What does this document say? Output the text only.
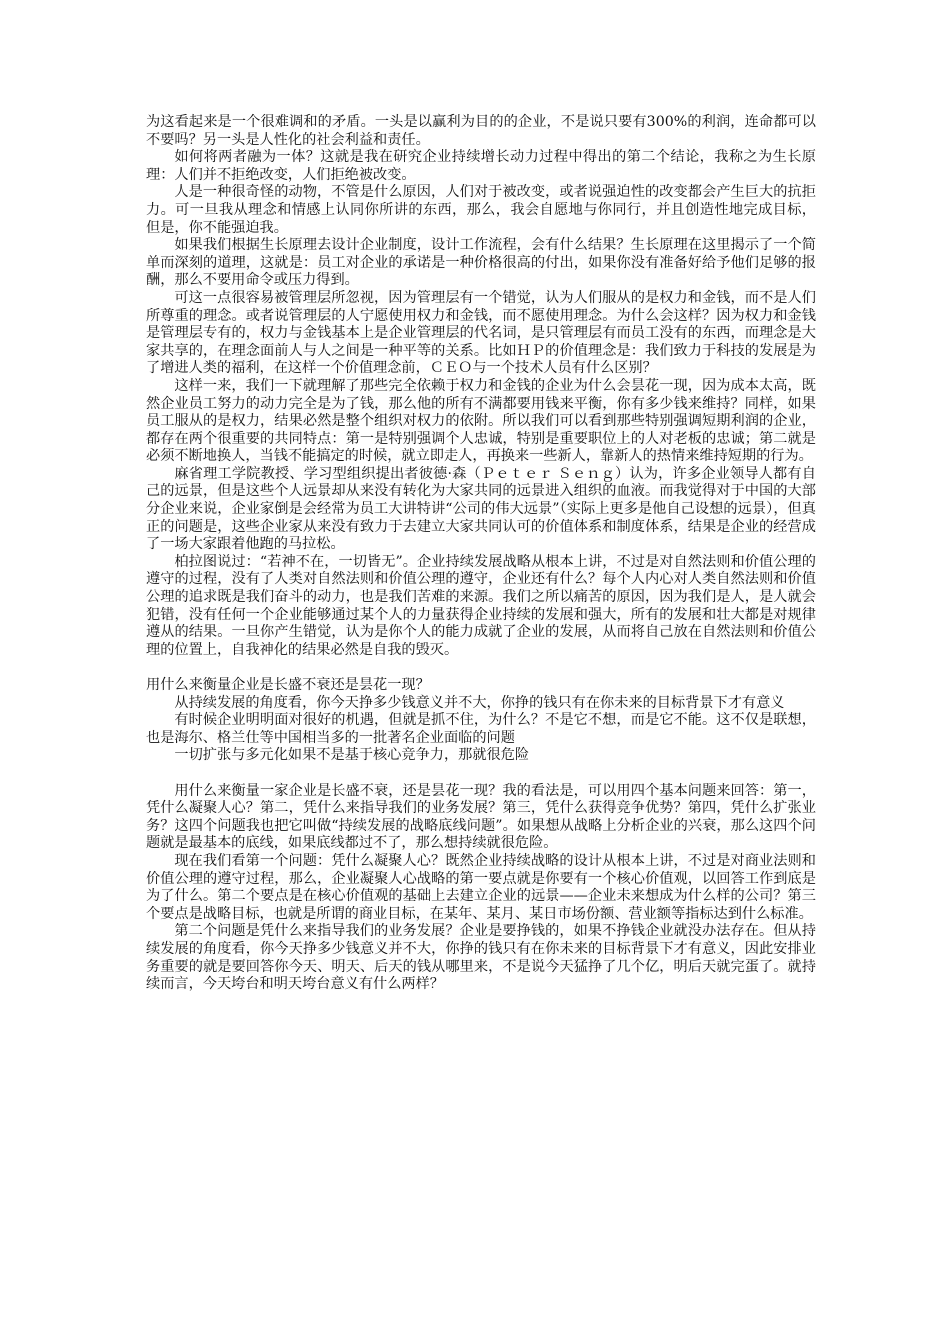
为这看起来是一个很难调和的矛盾。一头是以赢利为目的的企业，不是说只要有300%的利润，连命都可以不要吗？另一头是人性化的社会利益和责任。

如何将两者融为一体？这就是我在研究企业持续增长动力过程中得出的第二个结论，我称之为生长原理：人们并不拒绝改变，人们拒绝被改变。

人是一种很奇怪的动物，不管是什么原因，人们对于被改变，或者说强迫性的改变都会产生巨大的抗拒力。可一旦我从理念和情感上认同你所讲的东西，那么，我会自愿地与你同行，并且创造性地完成目标， 但是，你不能强迫我。

如果我们根据生长原理去设计企业制度，设计工作流程，会有什么结果？生长原理在这里揭示了一个简单而深刻的道理，这就是：员工对企业的承诺是一种价格很高的付出，如果你没有准备好给予他们足够的报酬，那么不要用命令或压力得到。

可这一点很容易被管理层所忽视，因为管理层有一个错觉，认为人们服从的是权力和金钱，而不是人们所尊重的理念。或者说管理层的人宁愿使用权力和金钱，而不愿使用理念。为什么会这样？因为权力和金钱是管理层专有的，权力与金钱基本上是企业管理层的代名词，是只管理层有而员工没有的东西，而理念是大家共享的，在理念面前人与人之间是一种平等的关系。比如ＨＰ的价值理念是：我们致力于科技的发展是为了增进人类的福利，在这样一个价值理念前，ＣＥＯ与一个技术人员有什么区别？

这样一来，我们一下就理解了那些完全依赖于权力和金钱的企业为什么会昙花一现，因为成本太高，既然企业员工努力的动力完全是为了钱，那么他的所有不满都要用钱来平衡，你有多少钱来维持？同样，如果员工服从的是权力，结果必然是整个组织对权力的依附。所以我们可以看到那些特别强调短期利润的企业，都存在两个很重要的共同特点：第一是特别强调个人忠诚，特别是重要职位上的人对老板的忠诚；第二就是必须不断地换人，当钱不能搞定的时候，就立即走人，再换来一些新人，靠新人的热情来维持短期的行为。

麻省理工学院教授、学习型组织提出者彼德·森（Ｐｅｔｅｒ Ｓｅｎｇ）认为，许多企业领导人都有自己的远景，但是这些个人远景却从来没有转化为大家共同的远景进入组织的血液。而我觉得对于中国的大部分企业来说，企业家倒是会经常为员工大讲特讲“公司的伟大远景”（实际上更多是他自己设想的远景），但真正的问题是，这些企业家从来没有致力于去建立大家共同认可的价值体系和制度体系，结果是企业的经营成了一场大家跟着他跑的马拉松。

柏拉图说过：“若神不在，一切皆无”。企业持续发展战略从根本上讲，不过是对自然法则和价值公理的遵守的过程，没有了人类对自然法则和价值公理的遵守，企业还有什么？每个人内心对人类自然法则和价值公理的追求既是我们奋斗的动力，也是我们苦难的来源。我们之所以痛苦的原因，因为我们是人，是人就会犯错，没有任何一个企业能够通过某个人的力量获得企业持续的发展和强大，所有的发展和壮大都是对规律遵从的结果。一旦你产生错觉，认为是你个人的能力成就了企业的发展，从而将自己放在自然法则和价值公理的位置上，自我神化的结果必然是自我的毁灭。

用什么来衡量企业是长盛不衰还是昙花一现？

从持续发展的角度看，你今天挣多少钱意义并不大，你挣的钱只有在你未来的目标背景下才有意义

有时候企业明明面对很好的机遇，但就是抓不住，为什么？不是它不想，而是它不能。这不仅是联想，也是海尔、格兰仕等中国相当多的一批著名企业面临的问题

一切扩张与多元化如果不是基于核心竞争力，那就很危险

用什么来衡量一家企业是长盛不衰，还是昙花一现？我的看法是，可以用四个基本问题来回答：第一，凭什么凝聚人心？第二，凭什么来指导我们的业务发展？第三，凭什么获得竞争优势？第四，凭什么扩张业务？这四个问题我也把它叫做“持续发展的战略底线问题”。如果想从战略上分析企业的兴衰，那么这四个问题就是最基本的底线，如果底线都过不了，那么想持续就很危险。

现在我们看第一个问题：凭什么凝聚人心？既然企业持续战略的设计从根本上讲，不过是对商业法则和价值公理的遵守过程，那么，企业凝聚人心战略的第一要点就是你要有一个核心价值观，以回答工作到底是为了什么。第二个要点是在核心价值观的基础上去建立企业的远景——企业未来想成为什么样的公司？第三个要点是战略目标，也就是所谓的商业目标，在某年、某月、某日市场份额、营业额等指标达到什么标准。

第二个问题是凭什么来指导我们的业务发展？企业是要挣钱的，如果不挣钱企业就没办法存在。但从持续发展的角度看，你今天挣多少钱意义并不大，你挣的钱只有在你未来的目标背景下才有意义，因此安排业务重要的就是要回答你今天、明天、后天的钱从哪里来，不是说今天猛挣了几个亿，明后天就完蛋了。就持续而言，今天垮台和明天垮台意义有什么两样？
